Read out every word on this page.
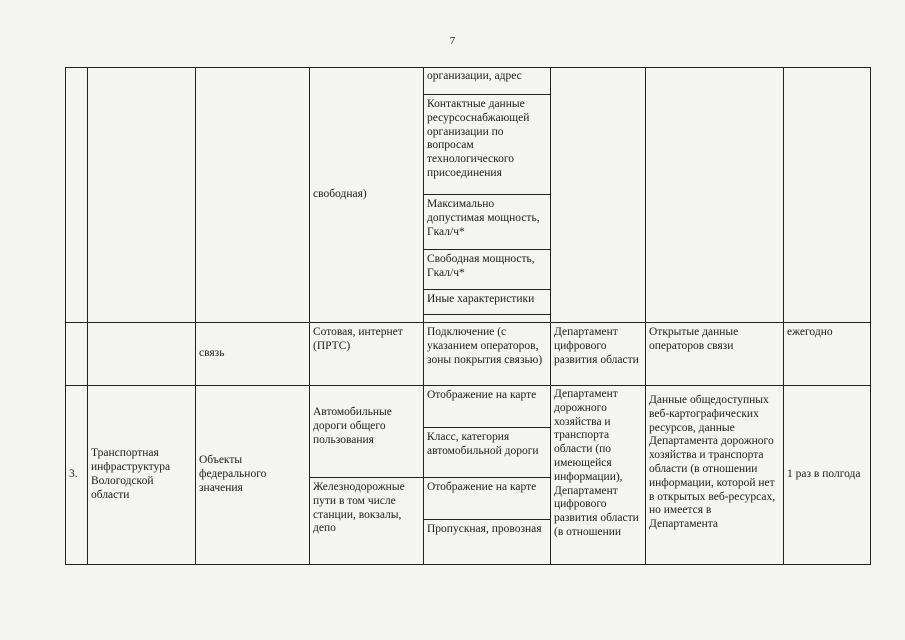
7
			свободная)	организации, адрес			
				Контактные данные ресурсоснабжающей организации по вопросам технологического присоединения			
				Максимально допустимая мощность, Гкал/ч*			
				Свободная мощность, Гкал/ч*			
				Иные характеристики			

		связь	Сотовая, интернет (ПРТС)	Подключение (с указанием операторов, зоны покрытия связью)	Департамент цифрового развития области	Открытые данные операторов связи	ежегодно
3.	Транспортная инфраструктура Вологодской области	Объекты федерального значения	Автомобильные дороги общего пользования	Отображение на карте	Департамент дорожного хозяйства и транспорта области (по имеющейся информации), Департамент цифрового развития области (в отношении	Данные общедоступных веб-картографических ресурсов, данные Департамента дорожного хозяйства и транспорта области (в отношении информации, которой нет в открытых веб-ресурсах, но имеется в Департамента	1 раз в полгода
				Класс, категория автомобильной дороги			
			Железнодорожные пути в том числе станции, вокзалы, депо	Отображение на карте			
				Пропускная, провозная			
